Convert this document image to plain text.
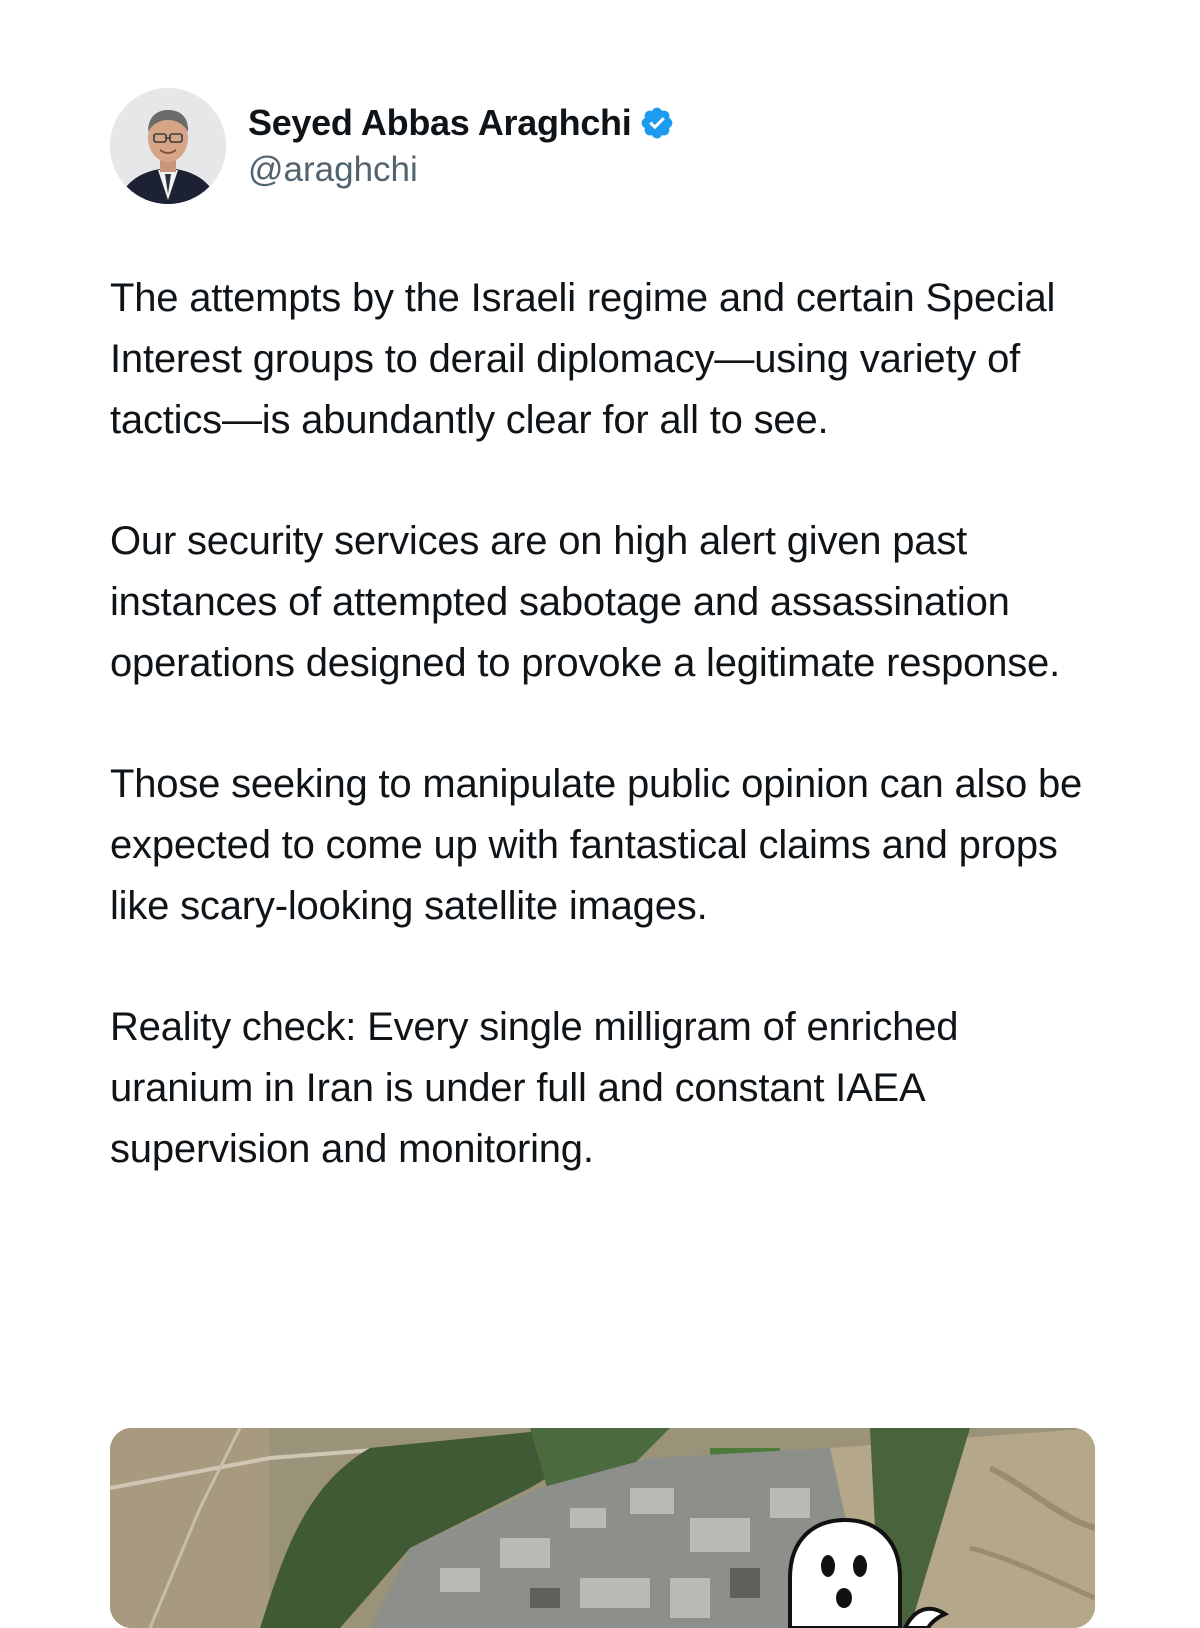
Seyed Abbas Araghchi
@araghchi

The attempts by the Israeli regime and certain Special Interest groups to derail diplomacy—using variety of tactics—is abundantly clear for all to see.

Our security services are on high alert given past instances of attempted sabotage and assassination operations designed to provoke a legitimate response.

Those seeking to manipulate public opinion can also be expected to come up with fantastical claims and props like scary-looking satellite images.

Reality check: Every single milligram of enriched uranium in Iran is under full and constant IAEA supervision and monitoring.
